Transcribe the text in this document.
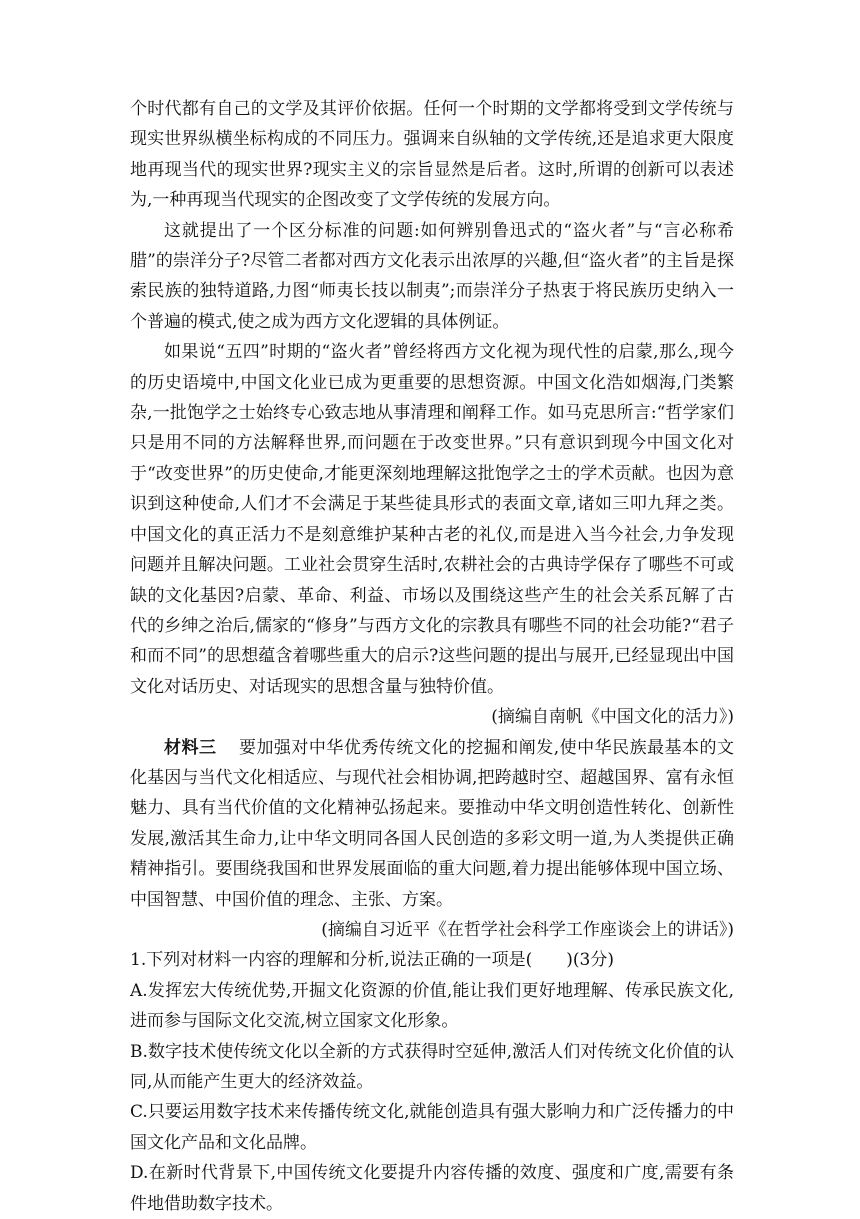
个时代都有自己的文学及其评价依据。任何一个时期的文学都将受到文学传统与现实世界纵横坐标构成的不同压力。强调来自纵轴的文学传统,还是追求更大限度地再现当代的现实世界?现实主义的宗旨显然是后者。这时,所谓的创新可以表述为,一种再现当代现实的企图改变了文学传统的发展方向。

这就提出了一个区分标准的问题:如何辨别鲁迅式的“盗火者”与“言必称希腊”的崇洋分子?尽管二者都对西方文化表示出浓厚的兴趣,但“盗火者”的主旨是探索民族的独特道路,力图“师夷长技以制夷”;而崇洋分子热衷于将民族历史纳入一个普遍的模式,使之成为西方文化逻辑的具体例证。

如果说“五四”时期的“盗火者”曾经将西方文化视为现代性的启蒙,那么,现今的历史语境中,中国文化业已成为更重要的思想资源。中国文化浩如烟海,门类繁杂,一批饱学之士始终专心致志地从事清理和阐释工作。如马克思所言:“哲学家们只是用不同的方法解释世界,而问题在于改变世界。”只有意识到现今中国文化对于“改变世界”的历史使命,才能更深刻地理解这批饱学之士的学术贡献。也因为意识到这种使命,人们才不会满足于某些徒具形式的表面文章,诸如三叩九拜之类。中国文化的真正活力不是刻意维护某种古老的礼仪,而是进入当今社会,力争发现问题并且解决问题。工业社会贯穿生活时,农耕社会的古典诗学保存了哪些不可或缺的文化基因?启蒙、革命、利益、市场以及围绕这些产生的社会关系瓦解了古代的乡绅之治后,儒家的“修身”与西方文化的宗教具有哪些不同的社会功能?“君子和而不同”的思想蕴含着哪些重大的启示?这些问题的提出与展开,已经显现出中国文化对话历史、对话现实的思想含量与独特价值。

(摘编自南帆《中国文化的活力》)

材料三 要加强对中华优秀传统文化的挖掘和阐发,使中华民族最基本的文化基因与当代文化相适应、与现代社会相协调,把跨越时空、超越国界、富有永恒魅力、具有当代价值的文化精神弘扬起来。要推动中华文明创造性转化、创新性发展,激活其生命力,让中华文明同各国人民创造的多彩文明一道,为人类提供正确精神指引。要围绕我国和世界发展面临的重大问题,着力提出能够体现中国立场、中国智慧、中国价值的理念、主张、方案。

(摘编自习近平《在哲学社会科学工作座谈会上的讲话》)

1.下列对材料一内容的理解和分析,说法正确的一项是(　　)(3分)

A.发挥宏大传统优势,开掘文化资源的价值,能让我们更好地理解、传承民族文化,进而参与国际文化交流,树立国家文化形象。

B.数字技术使传统文化以全新的方式获得时空延伸,激活人们对传统文化价值的认同,从而能产生更大的经济效益。

C.只要运用数字技术来传播传统文化,就能创造具有强大影响力和广泛传播力的中国文化产品和文化品牌。

D.在新时代背景下,中国传统文化要提升内容传播的效度、强度和广度,需要有条件地借助数字技术。
